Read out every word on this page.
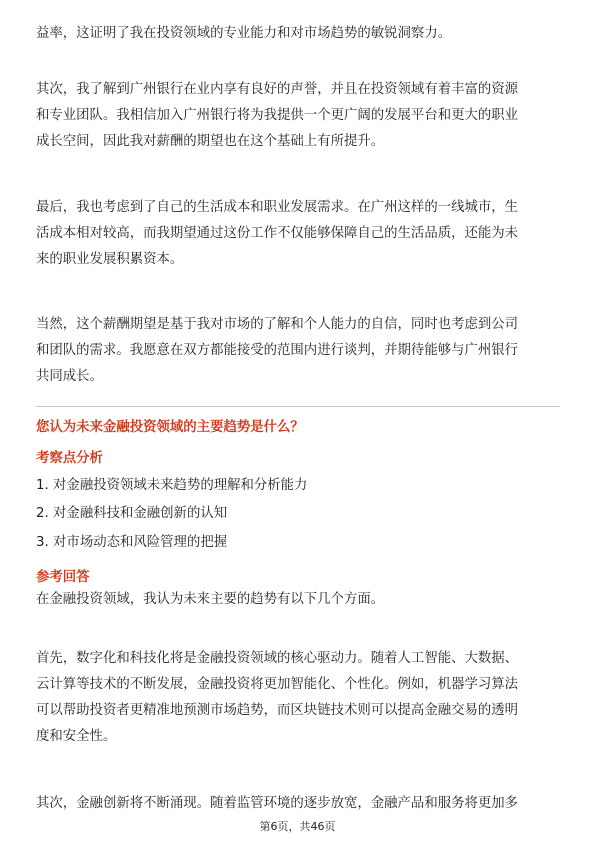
益率，这证明了我在投资领域的专业能力和对市场趋势的敏锐洞察力。

其次，我了解到广州银行在业内享有良好的声誉，并且在投资领域有着丰富的资源
和专业团队。我相信加入广州银行将为我提供一个更广阔的发展平台和更大的职业
成长空间，因此我对薪酬的期望也在这个基础上有所提升。

最后，我也考虑到了自己的生活成本和职业发展需求。在广州这样的一线城市，生
活成本相对较高，而我期望通过这份工作不仅能够保障自己的生活品质，还能为未
来的职业发展积累资本。

当然，这个薪酬期望是基于我对市场的了解和个人能力的自信，同时也考虑到公司
和团队的需求。我愿意在双方都能接受的范围内进行谈判，并期待能够与广州银行
共同成长。

您认为未来金融投资领域的主要趋势是什么？
考察点分析
1. 对金融投资领域未来趋势的理解和分析能力
2. 对金融科技和金融创新的认知
3. 对市场动态和风险管理的把握
参考回答

在金融投资领域，我认为未来主要的趋势有以下几个方面。

首先，数字化和科技化将是金融投资领域的核心驱动力。随着人工智能、大数据、
云计算等技术的不断发展，金融投资将更加智能化、个性化。例如，机器学习算法
可以帮助投资者更精准地预测市场趋势，而区块链技术则可以提高金融交易的透明
度和安全性。

其次，金融创新将不断涌现。随着监管环境的逐步放宽，金融产品和服务将更加多

第6页，共46页
